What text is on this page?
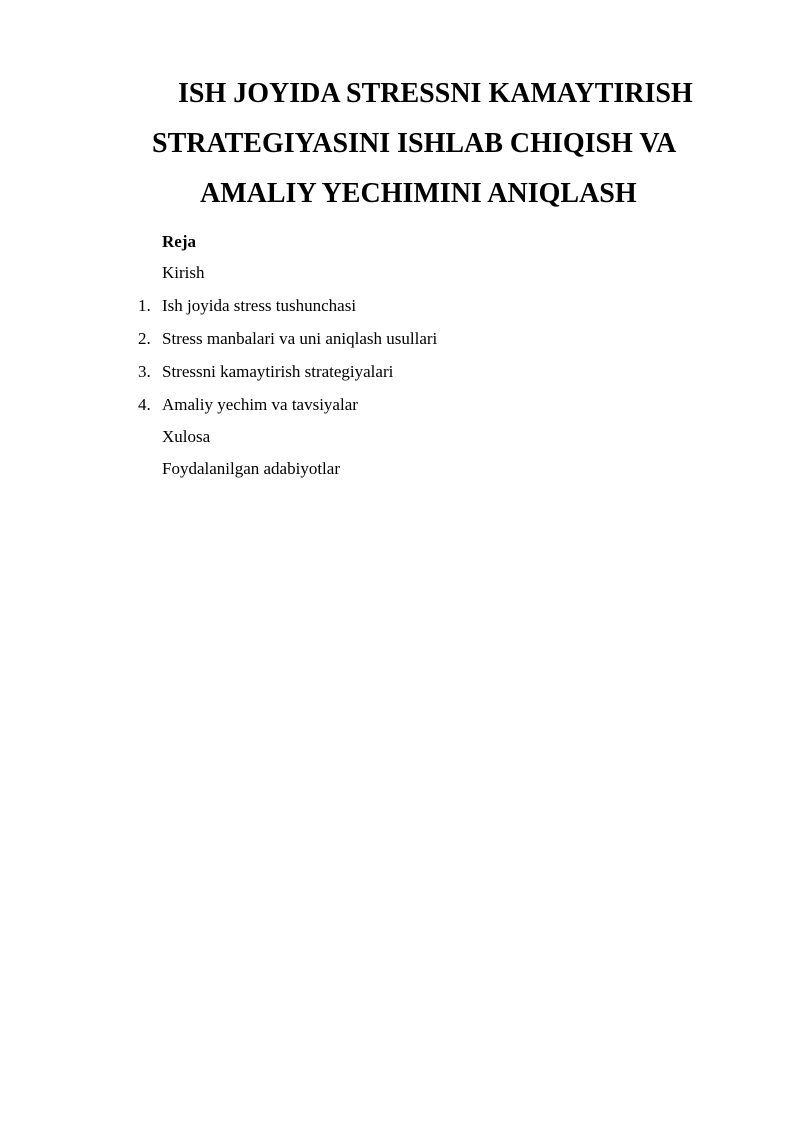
ISH JOYIDA STRESSNI KAMAYTIRISH
STRATEGIYASINI ISHLAB CHIQISH VA
AMALIY YECHIMINI ANIQLASH
Reja
Kirish
1. Ish joyida stress tushunchasi
2. Stress manbalari va uni aniqlash usullari
3. Stressni kamaytirish strategiyalari
4. Amaliy yechim va tavsiyalar
Xulosa
Foydalanilgan adabiyotlar
